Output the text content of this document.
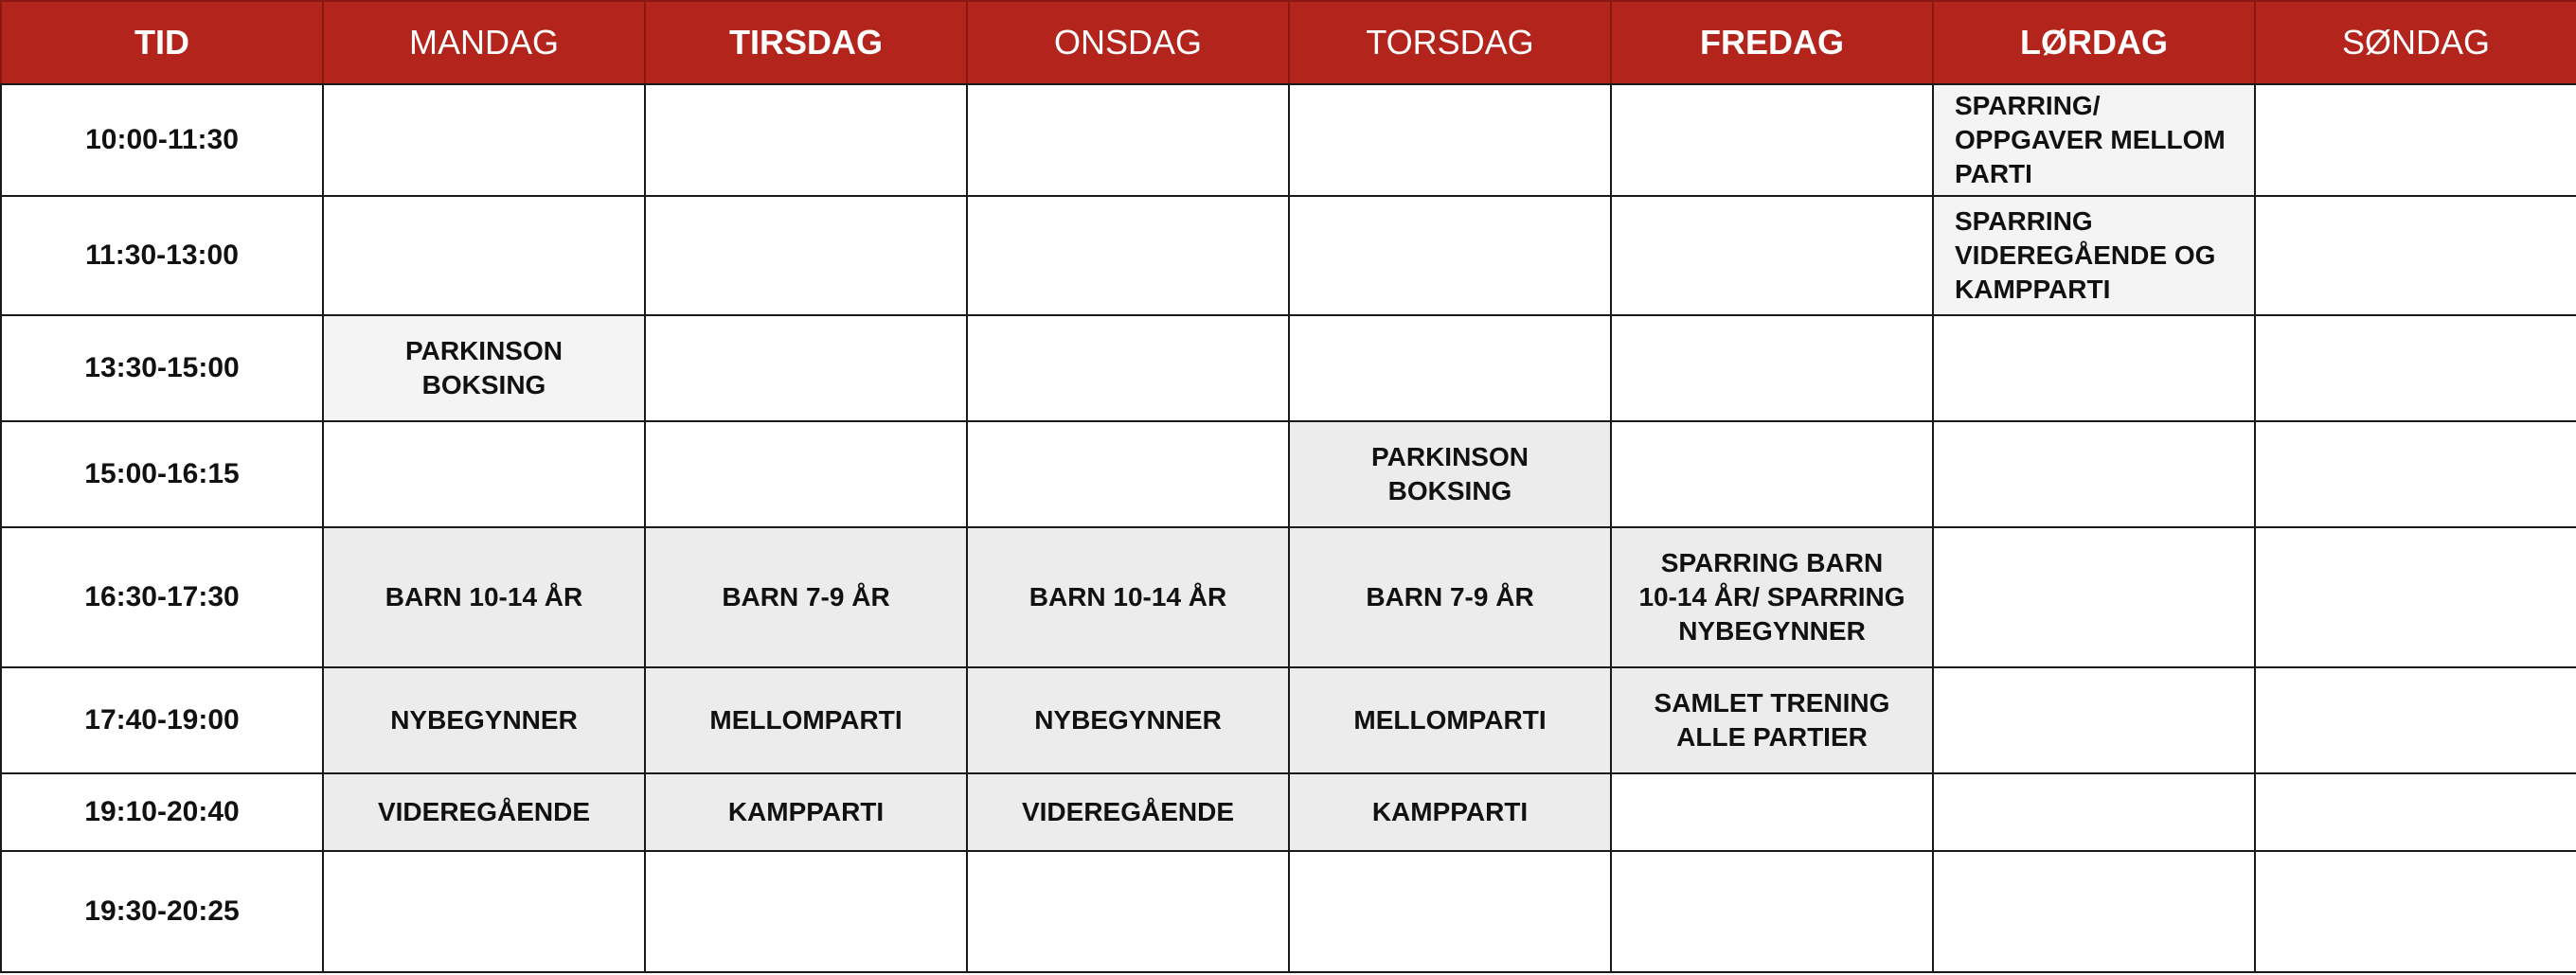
TID	MANDAG	TIRSDAG	ONSDAG	TORSDAG	FREDAG	LØRDAG	SØNDAG
10:00-11:30						SPARRING/
OPPGAVER MELLOM
PARTI	
11:30-13:00						SPARRING
VIDEREGÅENDE OG
KAMPPARTI	
13:30-15:00	PARKINSON
BOKSING						
15:00-16:15				PARKINSON
BOKSING			
16:30-17:30	BARN 10-14 ÅR	BARN 7-9 ÅR	BARN 10-14 ÅR	BARN 7-9 ÅR	SPARRING BARN
10-14 ÅR/ SPARRING
NYBEGYNNER		
17:40-19:00	NYBEGYNNER	MELLOMPARTI	NYBEGYNNER	MELLOMPARTI	SAMLET TRENING
ALLE PARTIER		
19:10-20:40	VIDEREGÅENDE	KAMPPARTI	VIDEREGÅENDE	KAMPPARTI			
19:30-20:25							
